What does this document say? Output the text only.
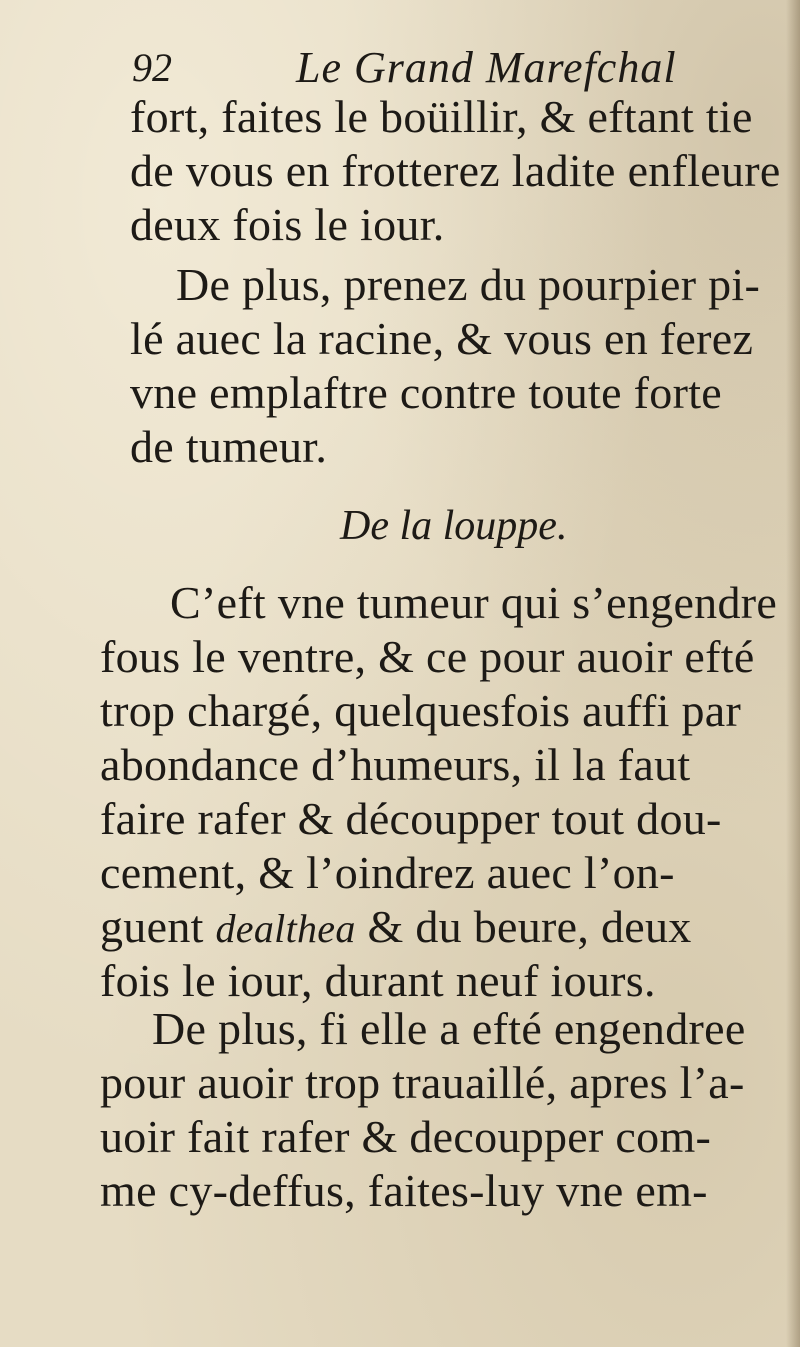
92	Le Grand Marefchal
fort, faites le boüillir, & eftant tie
de vous en frotterez ladite enfleure
deux fois le iour.
De plus, prenez du pourpier pi-
lé auec la racine, & vous en ferez
vne emplaftre contre toute forte
de tumeur.
De la louppe.
C’eft vne tumeur qui s’engendre
fous le ventre, & ce pour auoir efté
trop chargé, quelquesfois auffi par
abondance d’humeurs, il la faut
faire rafer & découpper tout dou-
cement, & l’oindrez auec l’on-
guent dealthea & du beure, deux
fois le iour, durant neuf iours.
De plus, fi elle a efté engendree
pour auoir trop trauaillé, apres l’a-
uoir fait rafer & decoupper com-
me cy-deffus, faites-luy vne em-
